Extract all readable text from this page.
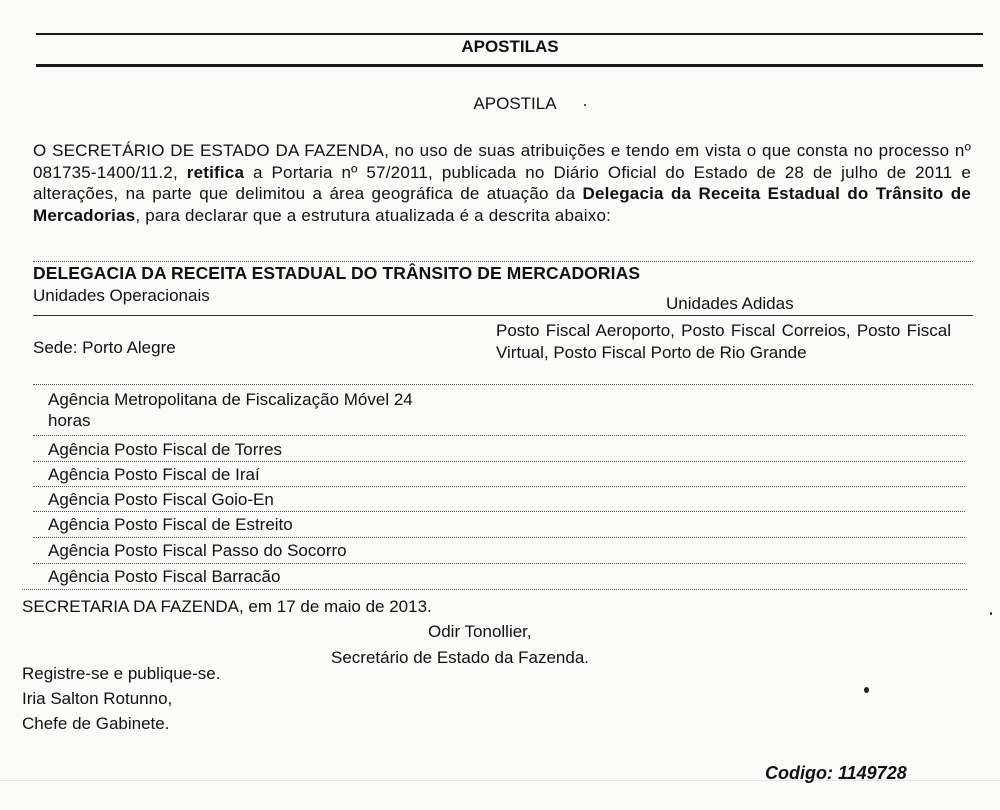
APOSTILAS
APOSTILA
O SECRETÁRIO DE ESTADO DA FAZENDA, no uso de suas atribuições e tendo em vista o que consta no processo nº 081735-1400/11.2, retifica a Portaria nº 57/2011, publicada no Diário Oficial do Estado de 28 de julho de 2011 e alterações, na parte que delimitou a área geográfica de atuação da Delegacia da Receita Estadual do Trânsito de Mercadorias, para declarar que a estrutura atualizada é a descrita abaixo:
DELEGACIA DA RECEITA ESTADUAL DO TRÂNSITO DE MERCADORIAS
Unidades Operacionais	Unidades Adidas
Sede: Porto Alegre
Posto Fiscal Aeroporto, Posto Fiscal Correios, Posto Fiscal Virtual, Posto Fiscal Porto de Rio Grande
Agência Metropolitana de Fiscalização Móvel 24 horas
Agência Posto Fiscal de Torres
Agência Posto Fiscal de Iraí
Agência Posto Fiscal Goio-En
Agência Posto Fiscal de Estreito
Agência Posto Fiscal Passo do Socorro
Agência Posto Fiscal Barracão
SECRETARIA DA FAZENDA, em 17 de maio de 2013.
Odir Tonollier,
Secretário de Estado da Fazenda.
Registre-se e publique-se.
Iria Salton Rotunno,
Chefe de Gabinete.
Codigo: 1149728
